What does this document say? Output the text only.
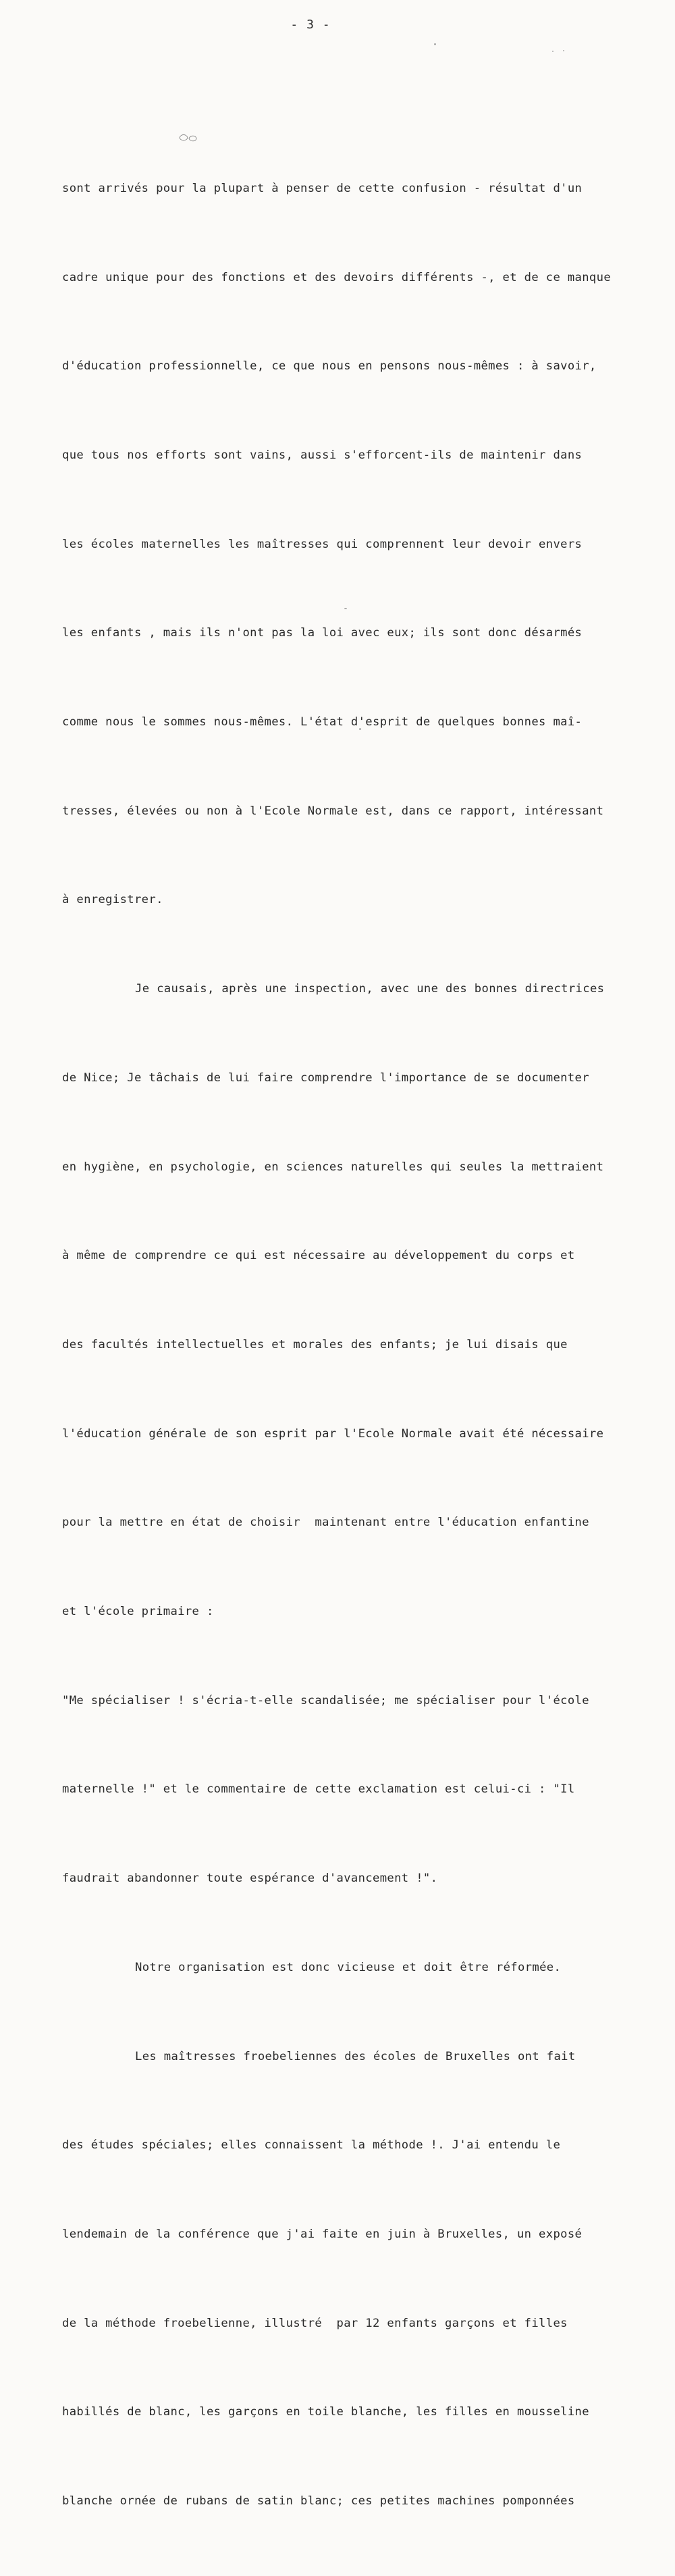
- 3 -

sont arrivés pour la plupart à penser de cette confusion - résultat d'un

cadre unique pour des fonctions et des devoirs différents -, et de ce manque

d'éducation professionnelle, ce que nous en pensons nous-mêmes : à savoir,

que tous nos efforts sont vains, aussi s'efforcent-ils de maintenir dans

les écoles maternelles les maîtresses qui comprennent leur devoir envers

les enfants , mais ils n'ont pas la loi avec eux; ils sont donc désarmés

comme nous le sommes nous-mêmes. L'état d'esprit de quelques bonnes maî-

tresses, élevées ou non à l'Ecole Normale est, dans ce rapport, intéressant

à enregistrer.

Je causais, après une inspection, avec une des bonnes directrices

de Nice; Je tâchais de lui faire comprendre l'importance de se documenter

en hygiène, en psychologie, en sciences naturelles qui seules la mettraient

à même de comprendre ce qui est nécessaire au développement du corps et

des facultés intellectuelles et morales des enfants; je lui disais que

l'éducation générale de son esprit par l'Ecole Normale avait été nécessaire

pour la mettre en état de choisir  maintenant entre l'éducation enfantine

et l'école primaire :

"Me spécialiser ! s'écria-t-elle scandalisée; me spécialiser pour l'école

maternelle !" et le commentaire de cette exclamation est celui-ci : "Il

faudrait abandonner toute espérance d'avancement !".

Notre organisation est donc vicieuse et doit être réformée.

Les maîtresses froebeliennes des écoles de Bruxelles ont fait

des études spéciales; elles connaissent la méthode !. J'ai entendu le

lendemain de la conférence que j'ai faite en juin à Bruxelles, un exposé

de la méthode froebelienne, illustré  par 12 enfants garçons et filles

habillés de blanc, les garçons en toile blanche, les filles en mousseline

blanche ornée de rubans de satin blanc; ces petites machines pomponnées
